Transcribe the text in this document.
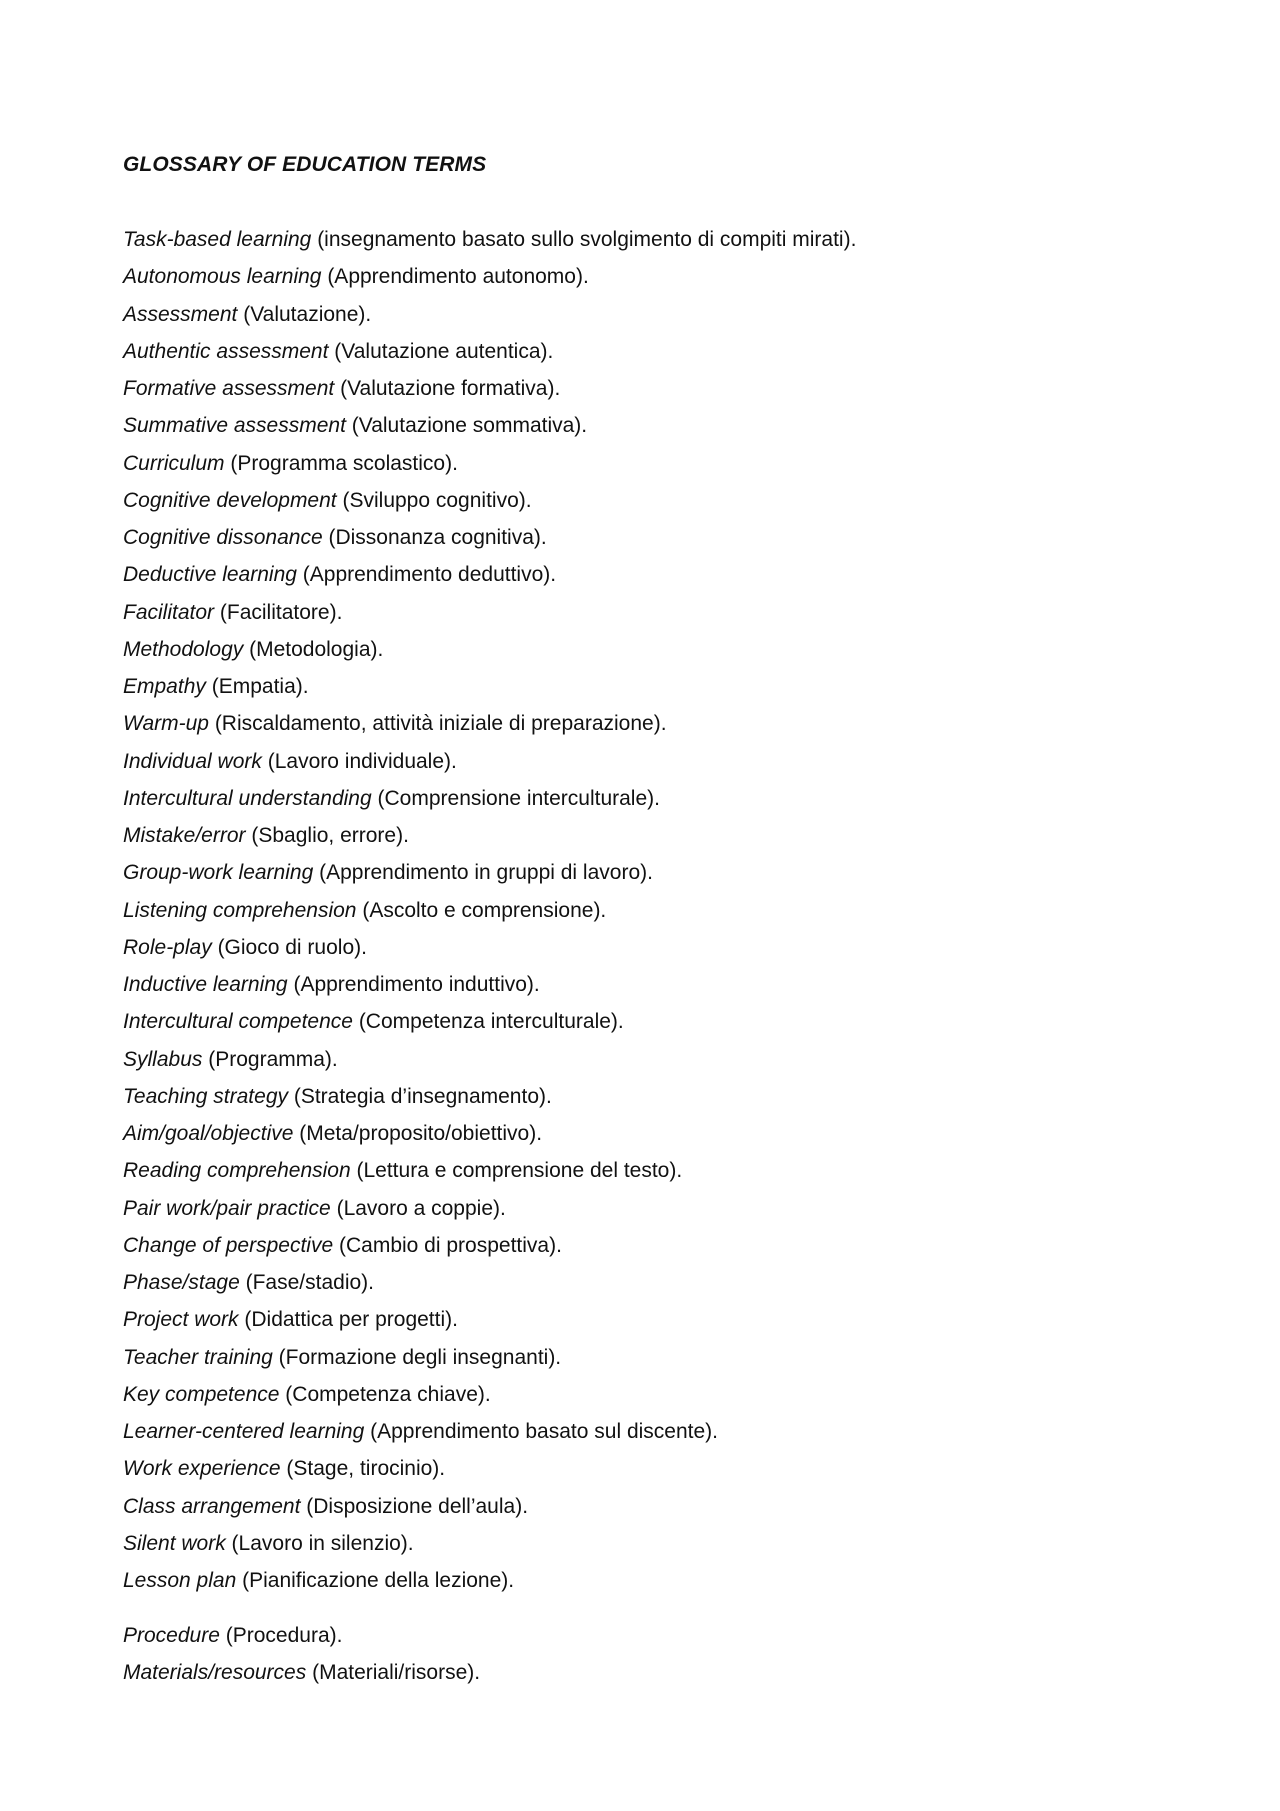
GLOSSARY OF EDUCATION TERMS
Task-based learning (insegnamento basato sullo svolgimento di compiti mirati).
Autonomous learning (Apprendimento autonomo).
Assessment (Valutazione).
Authentic assessment (Valutazione autentica).
Formative assessment (Valutazione formativa).
Summative assessment (Valutazione sommativa).
Curriculum (Programma scolastico).
Cognitive development (Sviluppo cognitivo).
Cognitive dissonance (Dissonanza cognitiva).
Deductive learning (Apprendimento deduttivo).
Facilitator (Facilitatore).
Methodology (Metodologia).
Empathy (Empatia).
Warm-up (Riscaldamento, attività iniziale di preparazione).
Individual work (Lavoro individuale).
Intercultural understanding (Comprensione interculturale).
Mistake/error (Sbaglio, errore).
Group-work learning (Apprendimento in gruppi di lavoro).
Listening comprehension (Ascolto e comprensione).
Role-play (Gioco di ruolo).
Inductive learning (Apprendimento induttivo).
Intercultural competence (Competenza interculturale).
Syllabus (Programma).
Teaching strategy (Strategia d’insegnamento).
Aim/goal/objective (Meta/proposito/obiettivo).
Reading comprehension (Lettura e comprensione del testo).
Pair work/pair practice (Lavoro a coppie).
Change of perspective (Cambio di prospettiva).
Phase/stage (Fase/stadio).
Project work (Didattica per progetti).
Teacher training (Formazione degli insegnanti).
Key competence (Competenza chiave).
Learner-centered learning (Apprendimento basato sul discente).
Work experience (Stage, tirocinio).
Class arrangement (Disposizione dell’aula).
Silent work (Lavoro in silenzio).
Lesson plan (Pianificazione della lezione).
Procedure (Procedura).
Materials/resources (Materiali/risorse).
